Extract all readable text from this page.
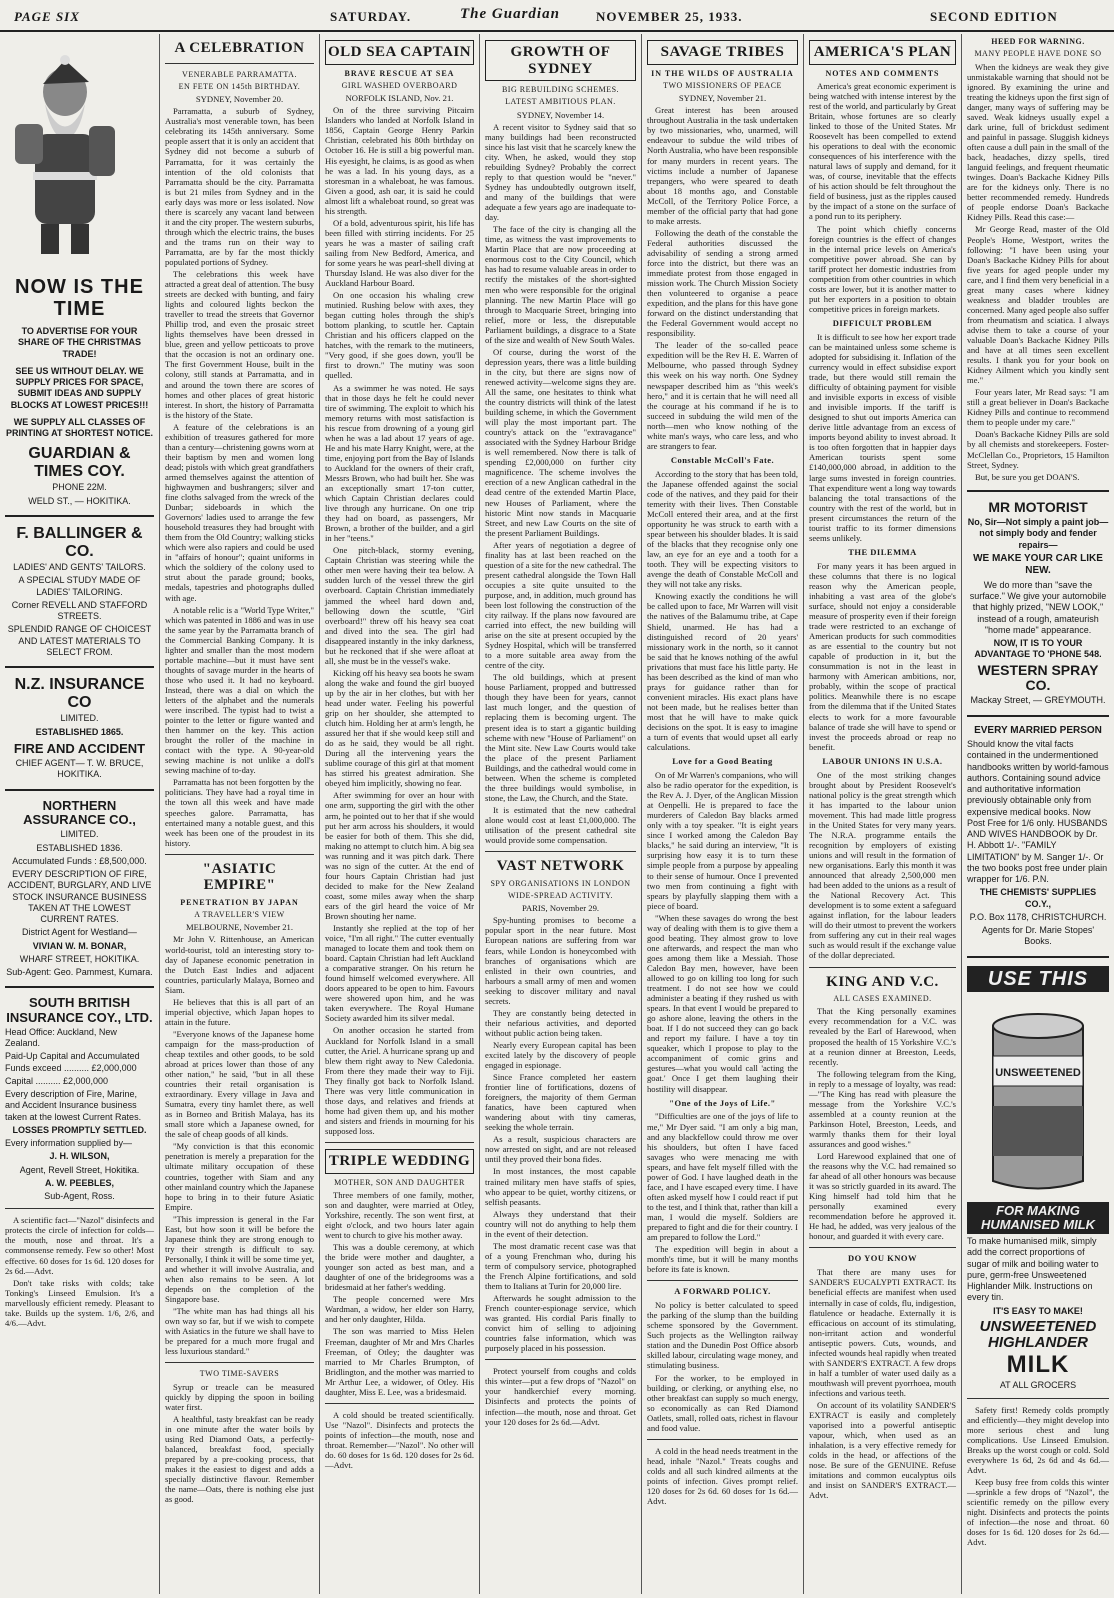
PAGE SIX	SATURDAY.	The Guardian	NOVEMBER 25, 1933.	SECOND EDITION
NOW IS THE TIME
TO ADVERTISE FOR YOUR SHARE OF THE CHRISTMAS TRADE!
SEE US WITHOUT DELAY. WE SUPPLY PRICES FOR SPACE, SUBMIT IDEAS AND SUPPLY BLOCKS AT LOWEST PRICES!!!
WE SUPPLY ALL CLASSES OF PRINTING AT SHORTEST NOTICE.
GUARDIAN & TIMES COY.
PHONE 22M.
WELD ST., — HOKITIKA.
F. BALLINGER & CO.
LADIES' AND GENTS' TAILORS.
A SPECIAL STUDY MADE OF LADIES' TAILORING.
Corner REVELL AND STAFFORD STREETS.
SPLENDID RANGE OF CHOICEST AND LATEST MATERIALS TO SELECT FROM.
N.Z. INSURANCE CO
LIMITED.
ESTABLISHED 1865.
FIRE AND ACCIDENT
CHIEF AGENT— T. W. BRUCE, HOKITIKA.
NORTHERN ASSURANCE CO.,
LIMITED.
ESTABLISHED 1836.
Accumulated Funds : £8,500,000.
EVERY DESCRIPTION OF FIRE, ACCIDENT, BURGLARY, AND LIVE STOCK INSURANCE BUSINESS TAKEN AT THE LOWEST CURRENT RATES.
District Agent for Westland—
VIVIAN W. M. BONAR,
WHARF STREET, HOKITIKA.
Sub-Agent: Geo. Pammest, Kumara.
SOUTH BRITISH INSURANCE COY., LTD.
Head Office: Auckland, New Zealand.
Paid-Up Capital and Accumulated Funds exceed .......... £2,000,000
Capital .......... £2,000,000
Every description of Fire, Marine, and Accident Insurance business taken at the lowest Current Rates.
LOSSES PROMPTLY SETTLED.
Every information supplied by—
J. H. WILSON,
Agent, Revell Street, Hokitika.
A. W. PEEBLES,
Sub-Agent, Ross.

A scientific fact—"Nazol" disinfects and protects the circle of infection for colds—the mouth, nose and throat. It's a commonsense remedy. Few so other! Most effective. 60 doses for 1s 6d. 120 doses for 2s 6d.—Advt.

Don't take risks with colds; take Tonking's Linseed Emulsion. It's a marvellously efficient remedy. Pleasant to take. Builds up the system. 1/6, 2/6, and 4/6.—Advt.

A CELEBRATION
VENERABLE PARRAMATTA.
EN FETE ON 145th BIRTHDAY.
SYDNEY, November 20.

Parramatta, a suburb of Sydney, Australia's most venerable town, has been celebrating its 145th anniversary. Some people assert that it is only an accident that Sydney did not become a suburb of Parramatta, for it was certainly the intention of the old colonists that Parramatta should be the city. Parramatta is but 21 miles from Sydney and in the early days was more or less isolated. Now there is scarcely any vacant land between it and the city proper. The western suburbs, through which the electric trains, the buses and the trams run on their way to Parramatta, are by far the most thickly populated portions of Sydney.

The celebrations this week have attracted a great deal of attention. The busy streets are decked with bunting, and fairy lights and coloured lights beckon the traveller to tread the streets that Governor Phillip trod, and even the prosaic street lights themselves have been dressed in blue, green and yellow petticoats to prove that the occasion is not an ordinary one. The first Government House, built in the colony, still stands at Parramatta, and in and around the town there are scores of homes and other places of great historic interest. In short, the history of Parramatta is the history of the State.

A feature of the celebrations is an exhibition of treasures gathered for more than a century—christening gowns worn at their baptism by men and women long dead; pistols with which great grandfathers armed themselves against the attention of highwaymen and bushrangers; silver and fine cloths salvaged from the wreck of the Dunbar; sideboards in which the Governors' ladies used to arrange the few household treasures they had brought with them from the Old Country; walking sticks which were also rapiers and could be used in "affairs of honour"; quaint uniforms in which the soldiery of the colony used to strut about the parade ground; books, medals, tapestries and photographs dulled with age.

A notable relic is a "World Type Writer," which was patented in 1886 and was in use the same year by the Parramatta branch of the Commercial Banking Company. It is lighter and smaller than the most modern portable machine—but it must have sent thoughts of savage murder in the hearts of those who used it. It had no keyboard. Instead, there was a dial on which the letters of the alphabet and the numerals were inscribed. The typist had to twist a pointer to the letter or figure wanted and then hammer on the key. This action brought the roller of the machine in contact with the type. A 90-year-old sewing machine is not unlike a doll's sewing machine of to-day.

Parramatta has not been forgotten by the politicians. They have had a royal time in the town all this week and have made speeches galore. Parramatta, has entertained many a notable guest, and this week has been one of the proudest in its history.

"ASIATIC EMPIRE"
PENETRATION BY JAPAN
A TRAVELLER'S VIEW
MELBOURNE, November 21.

Mr John V. Rittenhouse, an American world-tourist, told an interesting story to-day of Japanese economic penetration in the Dutch East Indies and adjacent countries, particularly Malaya, Borneo and Siam.

He believes that this is all part of an imperial objective, which Japan hopes to attain in the future.

"Everyone knows of the Japanese home campaign for the mass-production of cheap textiles and other goods, to be sold abroad at prices lower than those of any other nation," he said, "but in all these countries their retail organisation is extraordinary. Every village in Java and Sumatra, every tiny hamlet there, as well as in Borneo and British Malaya, has its small store which a Japanese owned, for the sale of cheap goods of all kinds.

"My conviction is that this economic penetration is merely a preparation for the ultimate military occupation of these countries, together with Siam and any other mainland country which the Japanese hope to bring in to their future Asiatic Empire.

"This impression is general in the Far East, but how soon it will be before the Japanese think they are strong enough to try their strength is difficult to say. Personally, I think it will be some time yet, and whether it will involve Australia, and when also remains to be seen. A lot depends on the completion of the Singapore base.

"The white man has had things all his own way so far, but if we wish to compete with Asiatics in the future we shall have to be prepared for a much more frugal and less luxurious standard."

TWO TIME-SAVERS

Syrup or treacle can be measured quickly by dipping the spoon in boiling water first.

A healthful, tasty breakfast can be ready in one minute after the water boils by using Red Diamond Oats, a perfectly-balanced, breakfast food, specially prepared by a pre-cooking process, that makes it the easiest to digest and adds a specially distinctive flavour. Remember the name—Oats, there is nothing else just as good.

OLD SEA CAPTAIN
BRAVE RESCUE AT SEA
GIRL WASHED OVERBOARD
NORFOLK ISLAND, Nov. 21.

On of the three surviving Pitcairn Islanders who landed at Norfolk Island in 1856, Captain George Henry Parkin Christian, celebrated his 80th birthday on October 16. He is still a big powerful man. His eyesight, he claims, is as good as when he was a lad. In his young days, as a storesman in a whaleboat, he was famous. Given a good, ash oar, it is said he could almost lift a whaleboat round, so great was his strength.

Of a bold, adventurous spirit, his life has been filled with stirring incidents. For 25 years he was a master of sailing craft sailing from New Bedford, America, and for some years he was pearl-shell diving at Thursday Island. He was also diver for the Auckland Harbour Board.

On one occasion his whaling crew mutinied. Rushing below with axes, they began cutting holes through the ship's bottom planking, to scuttle her. Captain Christian and his officers clapped on the hatches, with the remark to the mutineers, "Very good, if she goes down, you'll be first to drown." The mutiny was soon quelled.

As a swimmer he was noted. He says that in those days he felt he could never tire of swimming. The exploit to which his memory returns with most satisfaction is his rescue from drowning of a young girl when he was a lad about 17 years of age. He and his mate Harry Knight, were, at the time, enjoying port from the Bay of Islands to Auckland for the owners of their craft, Messrs Brown, who had built her. She was an exceptionally smart 17-ton cutter, which Captain Christian declares could live through any hurricane. On one trip they had on board, as passengers, Mr Brown, a brother of the builder, and a girl in her "teens."

One pitch-black, stormy evening, Captain Christian was steering while the other men were having their tea below. A sudden lurch of the vessel threw the girl overboard. Captain Christian immediately jammed the wheel hard down and, bellowing down the scuttle, "Girl overboard!" threw off his heavy sea coat and dived into the sea. The girl had disappeared instantly in the inky darkness, but he reckoned that if she were afloat at all, she must be in the vessel's wake.

Kicking off his heavy sea boots he swam along the wake and found the girl buoyed up by the air in her clothes, but with her head under water. Feeling his powerful grip on her shoulder, she attempted to clutch him. Holding her at arm's length, he assured her that if she would keep still and do as he said, they would be all right. During all the intervening years the sublime courage of this girl at that moment has stirred his greatest admiration. She obeyed him implicitly, showing no fear.

After swimming for over an hour with one arm, supporting the girl with the other arm, he pointed out to her that if she would put her arm across his shoulders, it would be easier for both of them. This she did, making no attempt to clutch him. A big sea was running and it was pitch dark. There was no sign of the cutter. At the end of four hours Captain Christian had just decided to make for the New Zealand coast, some miles away when the sharp ears of the girl heard the voice of Mr Brown shouting her name.

Instantly she replied at the top of her voice, "I'm all right." The cutter eventually managed to locate them and took them on board. Captain Christian had left Auckland a comparative stranger. On his return he found himself welcomed everywhere. All doors appeared to be open to him. Favours were showered upon him, and he was taken everywhere. The Royal Humane Society awarded him its silver medal.

On another occasion he started from Auckland for Norfolk Island in a small cutter, the Ariel. A hurricane sprang up and blew them right away to New Caledonia. From there they made their way to Fiji. They finally got back to Norfolk Island. There was very little communication in those days, and relatives and friends at home had given them up, and his mother and sisters and friends in mourning for his supposed loss.

TRIPLE WEDDING
MOTHER, SON AND DAUGHTER

Three members of one family, mother, son and daughter, were married at Otley, Yorkshire, recently. The son went first, at eight o'clock, and two hours later again went to church to give his mother away.

This was a double ceremony, at which the bride were mother and daughter, a younger son acted as best man, and a daughter of one of the bridegrooms was a bridesmaid at her father's wedding.

The people concerned were Mrs Wardman, a widow, her elder son Harry, and her only daughter, Hilda.

The son was married to Miss Helen Freeman, daughter of Mr and Mrs Charles Freeman, of Otley; the daughter was married to Mr Charles Brumpton, of Bridlington, and the mother was married to Mr Arthur Lee, a widower, of Otley. His daughter, Miss E. Lee, was a bridesmaid.

A cold should be treated scientifically. Use "Nazol". Disinfects and protects the points of infection—the mouth, nose and throat. Remember—"Nazol". No other will do. 60 doses for 1s 6d. 120 doses for 2s 6d.—Advt.

GROWTH OF SYDNEY
BIG REBUILDING SCHEMES.
LATEST AMBITIOUS PLAN.
SYDNEY, November 14.

A recent visitor to Sydney said that so many buildings had been reconstructed since his last visit that he scarcely knew the city. When, he asked, would they stop rebuilding Sydney? Probably the correct reply to that question would be "never." Sydney has undoubtedly outgrown itself, and many of the buildings that were adequate a few years ago are inadequate to-day.

The face of the city is changing all the time, as witness the vast improvements to Martin Place that are now proceeding at enormous cost to the City Council, which has had to resume valuable areas in order to rectify the mistakes of the short-sighted men who were responsible for the original planning. The new Martin Place will go through to Macquarie Street, bringing into relief, more or less, the disreputable Parliament buildings, a disgrace to a State of the size and wealth of New South Wales.

Of course, during the worst of the depression years, there was a little building in the city, but there are signs now of renewed activity—welcome signs they are. All the same, one hesitates to think what the country districts will think of the latest building scheme, in which the Government will play the most important part. The country's attack on the "extravagance" associated with the Sydney Harbour Bridge is well remembered. Now there is talk of spending £2,000,000 on further city magnificence. The scheme involves the erection of a new Anglican cathedral in the dead centre of the extended Martin Place, new Houses of Parliament, where the historic Mint now stands in Macquarie Street, and new Law Courts on the site of the present Parliament Buildings.

After years of negotiation a degree of finality has at last been reached on the question of a site for the new cathedral. The present cathedral alongside the Town Hall occupies a site quite unsuited to the purpose, and, in addition, much ground has been lost following the construction of the city railway. If the plans now favoured are carried into effect, the new building will arise on the site at present occupied by the Sydney Hospital, which will be transferred to a more suitable area away from the centre of the city.

The old buildings, which at present house Parliament, propped and buttressed though they have been for years, cannot last much longer, and the question of replacing them is becoming urgent. The present idea is to start a gigantic building scheme with new "House of Parliament" on the Mint site. New Law Courts would take the place of the present Parliament Buildings, and the cathedral would come in between. When the scheme is completed the three buildings would symbolise, in stone, the Law, the Church, and the State.

It is estimated that the new cathedral alone would cost at least £1,000,000. The utilisation of the present cathedral site would provide some compensation.

VAST NETWORK
SPY ORGANISATIONS IN LONDON
WIDE-SPREAD ACTIVITY.
PARIS, November 29.

Spy-hunting promises to become a popular sport in the near future. Most European nations are suffering from war fears, while London is honeycombed with branches of organisations which are enlisted in their own countries, and harbours a small army of men and women seeking to discover military and naval secrets.

They are constantly being detected in their nefarious activities, and deported without public action being taken.

Nearly every European capital has been excited lately by the discovery of people engaged in espionage.

Since France completed her eastern frontier line of fortifications, dozens of foreigners, the majority of them German fanatics, have been captured when wandering about with tiny cameras, seeking the whole terrain.

As a result, suspicious characters are now arrested on sight, and are not released until they proved their bona fides.

In most instances, the most capable trained military men have staffs of spies, who appear to be quiet, worthy citizens, or selfish peasants.

Always they understand that their country will not do anything to help them in the event of their detection.

The most dramatic recent case was that of a young Frenchman who, during his term of compulsory service, photographed the French Alpine fortifications, and sold them to Italians at Turin for 20,000 lire.

Afterwards he sought admission to the French counter-espionage service, which was granted. His cordial Paris finally to convict him of selling to adjoining countries false information, which was purposely placed in his possession.

Protect yourself from coughs and colds this winter—put a few drops of "Nazol" on your handkerchief every morning. Disinfects and protects the points of infection—the mouth, nose and throat. Get your 120 doses for 2s 6d.—Advt.

SAVAGE TRIBES
IN THE WILDS OF AUSTRALIA
TWO MISSIONERS OF PEACE
SYDNEY, November 21.

Great interest has been aroused throughout Australia in the task undertaken by two missionaries, who, unarmed, will endeavour to subdue the wild tribes of North Australia, who have been responsible for many murders in recent years. The victims include a number of Japanese trepangers, who were speared to death about 18 months ago, and Constable McColl, of the Territory Police Force, a member of the official party that had gone to make arrests.

Following the death of the constable the Federal authorities discussed the advisability of sending a strong armed force into the district, but there was an immediate protest from those engaged in mission work. The Church Mission Society then volunteered to organise a peace expedition, and the plans for this have gone forward on the distinct understanding that the Federal Government would accept no responsibility.

The leader of the so-called peace expedition will be the Rev H. E. Warren of Melbourne, who passed through Sydney this week on his way north. One Sydney newspaper described him as "this week's hero," and it is certain that he will need all the courage at his command if he is to succeed in subduing the wild men of the north—men who know nothing of the white man's ways, who care less, and who are strangers to fear.

Constable McColl's Fate.

According to the story that has been told, the Japanese offended against the social code of the natives, and they paid for their temerity with their lives. Then Constable McColl entered their area, and at the first opportunity he was struck to earth with a spear between his shoulder blades. It is said of the blacks that they recognise only one law, an eye for an eye and a tooth for a tooth. They will be expecting visitors to avenge the death of Constable McColl and they will not take any risks.

Knowing exactly the conditions he will be called upon to face, Mr Warren will visit the natives of the Balamumu tribe, at Cape Shield, unarmed. He has had a distinguished record of 20 years' missionary work in the north, so it cannot be said that he knows nothing of the awful privations that must face his little party. He has been described as the kind of man who prays for guidance rather than for convenient miracles. His exact plans have not been made, but he realises better than most that he will have to make quick decisions on the spot. It is easy to imagine a turn of events that would upset all early calculations.

Love for a Good Beating

On of Mr Warren's companions, who will also be radio operator for the expedition, is the Rev A. J. Dyer, of the Anglican Mission at Oenpelli. He is prepared to face the murderers of Caledon Bay blacks armed only with a toy speaker. "It is eight years since I worked among the Caledon Bay blacks," he said during an interview, "It is surprising how easy it is to turn these simple people from a purpose by appealing to their sense of humour. Once I prevented two men from continuing a fight with spears by playfully slapping them with a piece of board.

"When these savages do wrong the best way of dealing with them is to give them a good beating. They almost grow to love one afterwards, and respect the man who goes among them like a Messiah. Those Caledon Bay men, however, have been allowed to go on killing too long for such treatment. I do not see how we could administer a beating if they rushed us with spears. In that event I would be prepared to go ashore alone, leaving the others in the boat. If I do not succeed they can go back and report my failure. I have a toy tin squeaker, which I propose to play to the accompaniment of comic grins and gestures—what you would call 'acting the goat.' Once I get them laughing their hostility will disappear.

"One of the Joys of Life."

"Difficulties are one of the joys of life to me," Mr Dyer said. "I am only a big man, and any blackfellow could throw me over his shoulders, but often I have faced savages who were menacing me with spears, and have felt myself filled with the power of God. I have laughed death in the face, and I have escaped every time. I have often asked myself how I could react if put to the test, and I think that, rather than kill a man, I would die myself. Soldiers are prepared to fight and die for their country. I am prepared to follow the Lord."

The expedition will begin in about a month's time, but it will be many months before its fate is known.

A FORWARD POLICY.

No policy is better calculated to speed the parking of the slump than the building scheme sponsored by the Government. Such projects as the Wellington railway station and the Dunedin Post Office absorb skilled labour, circulating wage money, and stimulating business.

For the worker, to be employed in building, or clerking, or anything else, no other breakfast can supply so much energy, so economically as can Red Diamond Oatlets, small, rolled oats, richest in flavour and food value.

A cold in the head needs treatment in the head, inhale "Nazol." Treats coughs and colds and all such kindred ailments at the points of infection. Gives prompt relief. 120 doses for 2s 6d. 60 doses for 1s 6d.—Advt.

AMERICA'S PLAN
NOTES AND COMMENTS

America's great economic experiment is being watched with intense interest by the rest of the world, and particularly by Great Britain, whose fortunes are so clearly linked to those of the United States. Mr Roosevelt has been compelled to extend his operations to deal with the economic consequences of his interference with the natural laws of supply and demand, for it was, of course, inevitable that the effects of his action should be felt throughout the field of business, just as the ripples caused by the impact of a stone on the surface of a pond run to its periphery.

The point which chiefly concerns foreign countries is the effect of changes in the internal price levels on America's competitive power abroad. She can by tariff protect her domestic industries from competition from other countries in which costs are lower, but it is another matter to put her exporters in a position to obtain competitive prices in foreign markets.

DIFFICULT PROBLEM

It is difficult to see how her export trade can be maintained unless some scheme is adopted for subsidising it. Inflation of the currency would in effect subsidise export trade, but there would still remain the difficulty of obtaining payment for visible and invisible exports in excess of visible and invisible imports. If the tariff is designed to shut out imports America can derive little advantage from an excess of imports beyond ability to invest abroad. It is too often forgotten that in happier days American tourists spent some £140,000,000 abroad, in addition to the large sums invested in foreign countries. That expenditure went a long way towards balancing the total transactions of the country with the rest of the world, but in present circumstances the return of the tourist traffic to its former dimensions seems unlikely.

THE DILEMMA

For many years it has been argued in these columns that there is no logical reason why the American people, inhabiting a vast area of the globe's surface, should not enjoy a considerable measure of prosperity even if their foreign trade were restricted to an exchange of American products for such commodities as are essential to the country but not capable of production in it, but the consummation is not in the least in harmony with American ambitions, nor, probably, within the scope of practical politics. Meanwhile there is no escape from the dilemma that if the United States elects to work for a more favourable balance of trade she will have to spend or invest the proceeds abroad or reap no benefit.

LABOUR UNIONS IN U.S.A.

One of the most striking changes brought about by President Roosevelt's national policy is the great strength which it has imparted to the labour union movement. This had made little progress in the United States for very many years. The N.R.A. programme entails the recognition by employers of existing unions and will result in the formation of new organisations. Early this month it was announced that already 2,500,000 men had been added to the unions as a result of the National Recovery Act. This development is to some extent a safeguard against inflation, for the labour leaders will do their utmost to prevent the workers from suffering any cut in their real wages such as would result if the exchange value of the dollar depreciated.

KING AND V.C.
ALL CASES EXAMINED.

That the King personally examines every recommendation for a V.C. was revealed by the Earl of Harewood, when proposed the health of 15 Yorkshire V.C.'s at a reunion dinner at Breeston, Leeds, recently.

The following telegram from the King, in reply to a message of loyalty, was read:—"The King has read with pleasure the message from the Yorkshire V.C.'s assembled at a county reunion at the Parkinson Hotel, Breeston, Leeds, and warmly thanks them for their loyal assurances and good wishes."

Lord Harewood explained that one of the reasons why the V.C. had remained so far ahead of all other honours was because it was so strictly guarded in its award. The King himself had told him that he personally examined every recommendation before he approved it. He had, he added, was very jealous of the honour, and guarded it with every care.

DO YOU KNOW

That there are many uses for SANDER'S EUCALYPTI EXTRACT. Its beneficial effects are manifest when used internally in case of colds, flu, indigestion, flatulence or headache. Externally it is efficacious on account of its stimulating, non-irritant action and wonderful antiseptic powers. Cuts, wounds, and infected wounds heal rapidly when treated with SANDER'S EXTRACT. A few drops in half a tumbler of water used daily as a mouthwash will prevent pyorrhoea, mouth infections and various teeth.

On account of its volatility SANDER'S EXTRACT is easily and completely vaporised into a powerful antiseptic vapour, which, when used as an inhalation, is a very effective remedy for colds in the head, or affections of the nose. Be sure of the GENUINE. Refuse imitations and common eucalyptus oils and insist on SANDER'S EXTRACT.—Advt.

HEED FOR WARNING.
MANY PEOPLE HAVE DONE SO

When the kidneys are weak they give unmistakable warning that should not be ignored. By examining the urine and treating the kidneys upon the first sign of danger, many ways of suffering may be saved. Weak kidneys usually expel a dark urine, full of brickdust sediment and painful in passage. Sluggish kidneys often cause a dull pain in the small of the back, headaches, dizzy spells, tired languid feelings, and frequent rheumatic twinges. Doan's Backache Kidney Pills are for the kidneys only. There is no better recommended remedy. Hundreds of people endorse Doan's Backache Kidney Pills. Read this case:—

Mr George Read, master of the Old People's Home, Westport, writes the following: "I have been using your Doan's Backache Kidney Pills for about five years for aged people under my care, and I find them very beneficial in a great many cases where kidney weakness and bladder troubles are concerned. Many aged people also suffer from rheumatism and sciatica. I always advise them to take a course of your valuable Doan's Backache Kidney Pills and have at all times seen excellent results. I thank you for your book on Kidney Ailment which you kindly sent me."

Four years later, Mr Read says: "I am still a great believer in Doan's Backache Kidney Pills and continue to recommend them to people under my care."

Doan's Backache Kidney Pills are sold by all chemists and storekeepers. Foster-McClellan Co., Proprietors, 15 Hamilton Street, Sydney.

But, be sure you get DOAN'S.

MR MOTORIST
No, Sir—Not simply a paint job—not simply body and fender repairs—
WE MAKE YOUR CAR LIKE NEW.
We do more than "save the surface." We give your automobile that highly prized, "NEW LOOK," instead of a rough, amateurish "home made" appearance.
NOW, IT IS TO YOUR ADVANTAGE TO 'PHONE 548.
WESTERN SPRAY CO.
Mackay Street, — GREYMOUTH.
EVERY MARRIED PERSON
Should know the vital facts contained in the undermentioned handbooks written by world-famous authors. Containing sound advice and authoritative information previously obtainable only from expensive medical books. Now Post Free for 1/6 only. HUSBANDS AND WIVES HANDBOOK by Dr. H. Abbott 1/-. "FAMILY LIMITATION" by M. Sanger 1/-. Or the two books post free under plain wrapper for 1/6. P.N.
THE CHEMISTS' SUPPLIES CO.Y.,
P.O. Box 1178, CHRISTCHURCH.
Agents for Dr. Marie Stopes' Books.
USE THIS
UNSWEETENED
FOR MAKING HUMANISED MILK
To make humanised milk, simply add the correct proportions of sugar of milk and boiling water to pure, germ-free Unsweetened Highlander Milk. Instructions on every tin.
IT'S EASY TO MAKE!
UNSWEETENED
HIGHLANDER
MILK
AT ALL GROCERS

Safety first! Remedy colds promptly and efficiently—they might develop into more serious chest and lung complications. Use Linseed Emulsion. Breaks up the worst cough or cold. Sold everywhere 1s 6d, 2s 6d and 4s 6d.—Advt.

Keep busy free from colds this winter—sprinkle a few drops of "Nazol", the scientific remedy on the pillow every night. Disinfects and protects the points of infection—the nose and throat. 60 doses for 1s 6d. 120 doses for 2s 6d.—Advt.
